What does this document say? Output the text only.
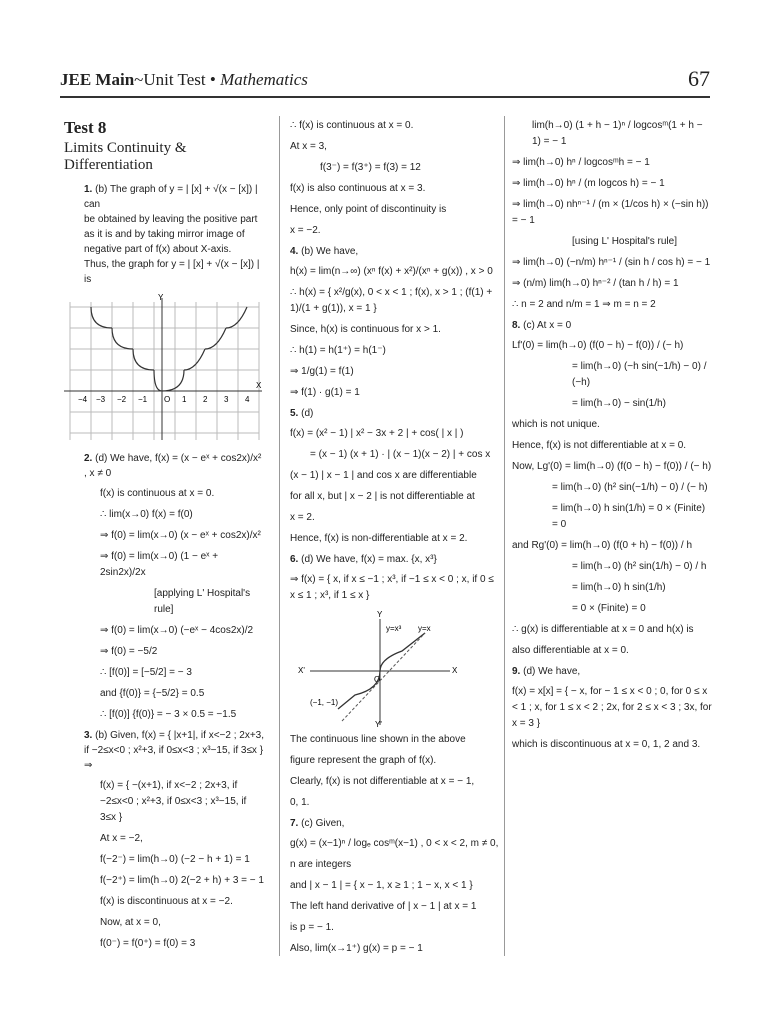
JEE Main~Unit Test • Mathematics	67
Test 8
Limits Continuity &
Differentiation
1. (b) The graph of y = | [x] + √(x − [x]) | can
be obtained by leaving the positive part
as it is and by taking mirror image of
negative part of f(x) about X-axis.
Thus, the graph for y = | [x] + √(x − [x]) |
is
Y
X
−4 −3 −2 −1 O 1 2 3 4
2. (d) We have, f(x) = (x − eˣ + cos2x)/x² , x ≠ 0
f(x) is continuous at x = 0.
∴ lim(x→0) f(x) = f(0)
⇒ f(0) = lim(x→0) (x − eˣ + cos2x)/x²
⇒ f(0) = lim(x→0) (1 − eˣ + 2sin2x)/2x
[applying L' Hospital's rule]
⇒ f(0) = lim(x→0) (−eˣ − 4cos2x)/2
⇒ f(0) = −5/2
∴ [f(0)] = [−5/2] = − 3
and {f(0)} = {−5/2} = 0.5
∴ [f(0)] {f(0)} = − 3 × 0.5 = −1.5
3. (b) Given, f(x) = { |x+1|, if x<−2 ; 2x+3, if −2≤x<0 ; x²+3, if 0≤x<3 ; x³−15, if 3≤x } ⇒
f(x) = { −(x+1), if x<−2 ; 2x+3, if −2≤x<0 ; x²+3, if 0≤x<3 ; x³−15, if 3≤x }
At x = −2,
f(−2⁻) = lim(h→0) (−2 − h + 1) = 1
f(−2⁺) = lim(h→0) 2(−2 + h) + 3 = − 1
f(x) is discontinuous at x = −2.
Now, at x = 0,
f(0⁻) = f(0⁺) = f(0) = 3
∴ f(x) is continuous at x = 0.
At x = 3,
f(3⁻) = f(3⁺) = f(3) = 12
f(x) is also continuous at x = 3.
Hence, only point of discontinuity is
x = −2.
4. (b) We have,
h(x) = lim(n→∞) (xⁿ f(x) + x²)/(xⁿ + g(x)) , x > 0
∴ h(x) = { x²/g(x), 0 < x < 1 ; f(x), x > 1 ; (f(1) + 1)/(1 + g(1)), x = 1 }
Since, h(x) is continuous for x > 1.
∴ h(1) = h(1⁺) = h(1⁻)
⇒ 1/g(1) = f(1)
⇒ f(1) · g(1) = 1
5. (d)
f(x) = (x² − 1) | x² − 3x + 2 | + cos( | x | )
= (x − 1) (x + 1) · | (x − 1)(x − 2) | + cos x
(x − 1) | x − 1 | and cos x are differentiable
for all x, but | x − 2 | is not differentiable at
x = 2.
Hence, f(x) is non-differentiable at x = 2.
6. (d) We have, f(x) = max. {x, x³}
⇒ f(x) = { x, if x ≤ −1 ; x³, if −1 ≤ x < 0 ; x, if 0 ≤ x ≤ 1 ; x³, if 1 ≤ x }
Y
Y'
X
X'
O
y=x³ y=x
(−1, −1)
The continuous line shown in the above
figure represent the graph of f(x).
Clearly, f(x) is not differentiable at x = − 1,
0, 1.
7. (c) Given,
g(x) = (x−1)ⁿ / logₑ cosᵐ(x−1) , 0 < x < 2, m ≠ 0,
n are integers
and | x − 1 | = { x − 1, x ≥ 1 ; 1 − x, x < 1 }
The left hand derivative of | x − 1 | at x = 1
is p = − 1.
Also, lim(x→1⁺) g(x) = p = − 1
lim(h→0) (1 + h − 1)ⁿ / logcosᵐ(1 + h − 1) = − 1
⇒ lim(h→0) hⁿ / logcosᵐh = − 1
⇒ lim(h→0) hⁿ / (m logcos h) = − 1
⇒ lim(h→0) nhⁿ⁻¹ / (m × (1/cos h) × (−sin h)) = − 1
[using L' Hospital's rule]
⇒ lim(h→0) (−n/m) hⁿ⁻¹ / (sin h / cos h) = − 1
⇒ (n/m) lim(h→0) hⁿ⁻² / (tan h / h) = 1
∴ n = 2 and n/m = 1 ⇒ m = n = 2
8. (c) At x = 0
Lf'(0) = lim(h→0) (f(0 − h) − f(0)) / (− h)
= lim(h→0) (−h sin(−1/h) − 0) / (−h)
= lim(h→0) − sin(1/h)
which is not unique.
Hence, f(x) is not differentiable at x = 0.
Now, Lg'(0) = lim(h→0) (f(0 − h) − f(0)) / (− h)
= lim(h→0) (h² sin(−1/h) − 0) / (− h)
= lim(h→0) h sin(1/h) = 0 × (Finite) = 0
and Rg'(0) = lim(h→0) (f(0 + h) − f(0)) / h
= lim(h→0) (h² sin(1/h) − 0) / h
= lim(h→0) h sin(1/h)
= 0 × (Finite) = 0
∴ g(x) is differentiable at x = 0 and h(x) is
also differentiable at x = 0.
9. (d) We have,
f(x) = x[x] = { − x, for − 1 ≤ x < 0 ; 0, for 0 ≤ x < 1 ; x, for 1 ≤ x < 2 ; 2x, for 2 ≤ x < 3 ; 3x, for x = 3 }
which is discontinuous at x = 0, 1, 2 and 3.
